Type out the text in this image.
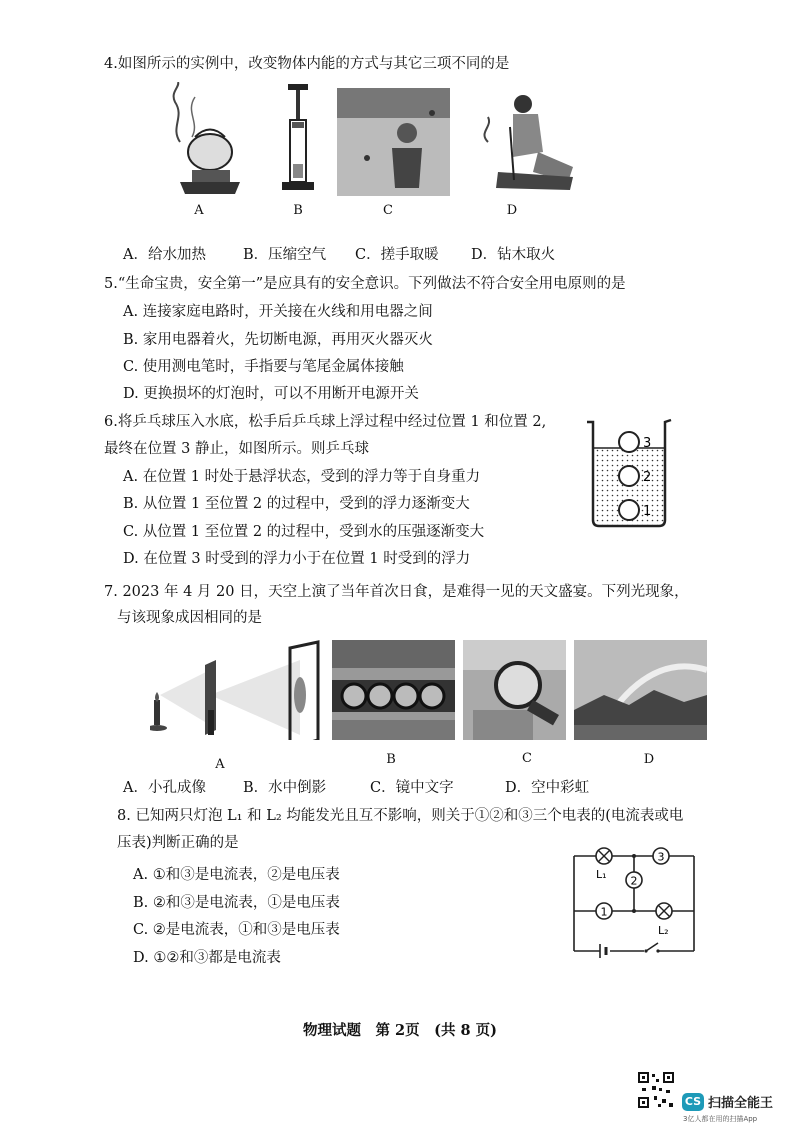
4.如图所示的实例中，改变物体内能的方式与其它三项不同的是
A	B	C	D
A．给水加热	B．压缩空气 C．搓手取暖 D．钻木取火
5.“生命宝贵，安全第一”是应具有的安全意识。下列做法不符合安全用电原则的是
A. 连接家庭电路时，开关接在火线和用电器之间
B. 家用电器着火，先切断电源，再用灭火器灭火
C. 使用测电笔时，手指要与笔尾金属体接触
D. 更换损坏的灯泡时，可以不用断开电源开关
6.将乒乓球压入水底，松手后乒乓球上浮过程中经过位置 1 和位置 2,
最终在位置 3 静止，如图所示。则乒乓球
A. 在位置 1 时处于悬浮状态，受到的浮力等于自身重力
B. 从位置 1 至位置 2 的过程中，受到的浮力逐渐变大
C. 从位置 1 至位置 2 的过程中，受到水的压强逐渐变大
D. 在位置 3 时受到的浮力小于在位置 1 时受到的浮力
3
2
1
7. 2023 年 4 月 20 日，天空上演了当年首次日食，是难得一见的天文盛宴。下列光现象，
与该现象成因相同的是
A	B	C	D
A．小孔成像	B．水中倒影	C．镜中文字	D．空中彩虹
8. 已知两只灯泡 L₁ 和 L₂ 均能发光且互不影响，则关于①②和③三个电表的(电流表或电
压表)判断正确的是
A. ①和③是电流表，②是电压表
B. ②和③是电流表，①是电压表
C. ②是电流表，①和③是电压表
D. ①②和③都是电流表
1
2
3
L₁
L₂
物理试题　第 2页　(共 8 页)
CS 扫描全能王
3亿人都在用的扫描App
